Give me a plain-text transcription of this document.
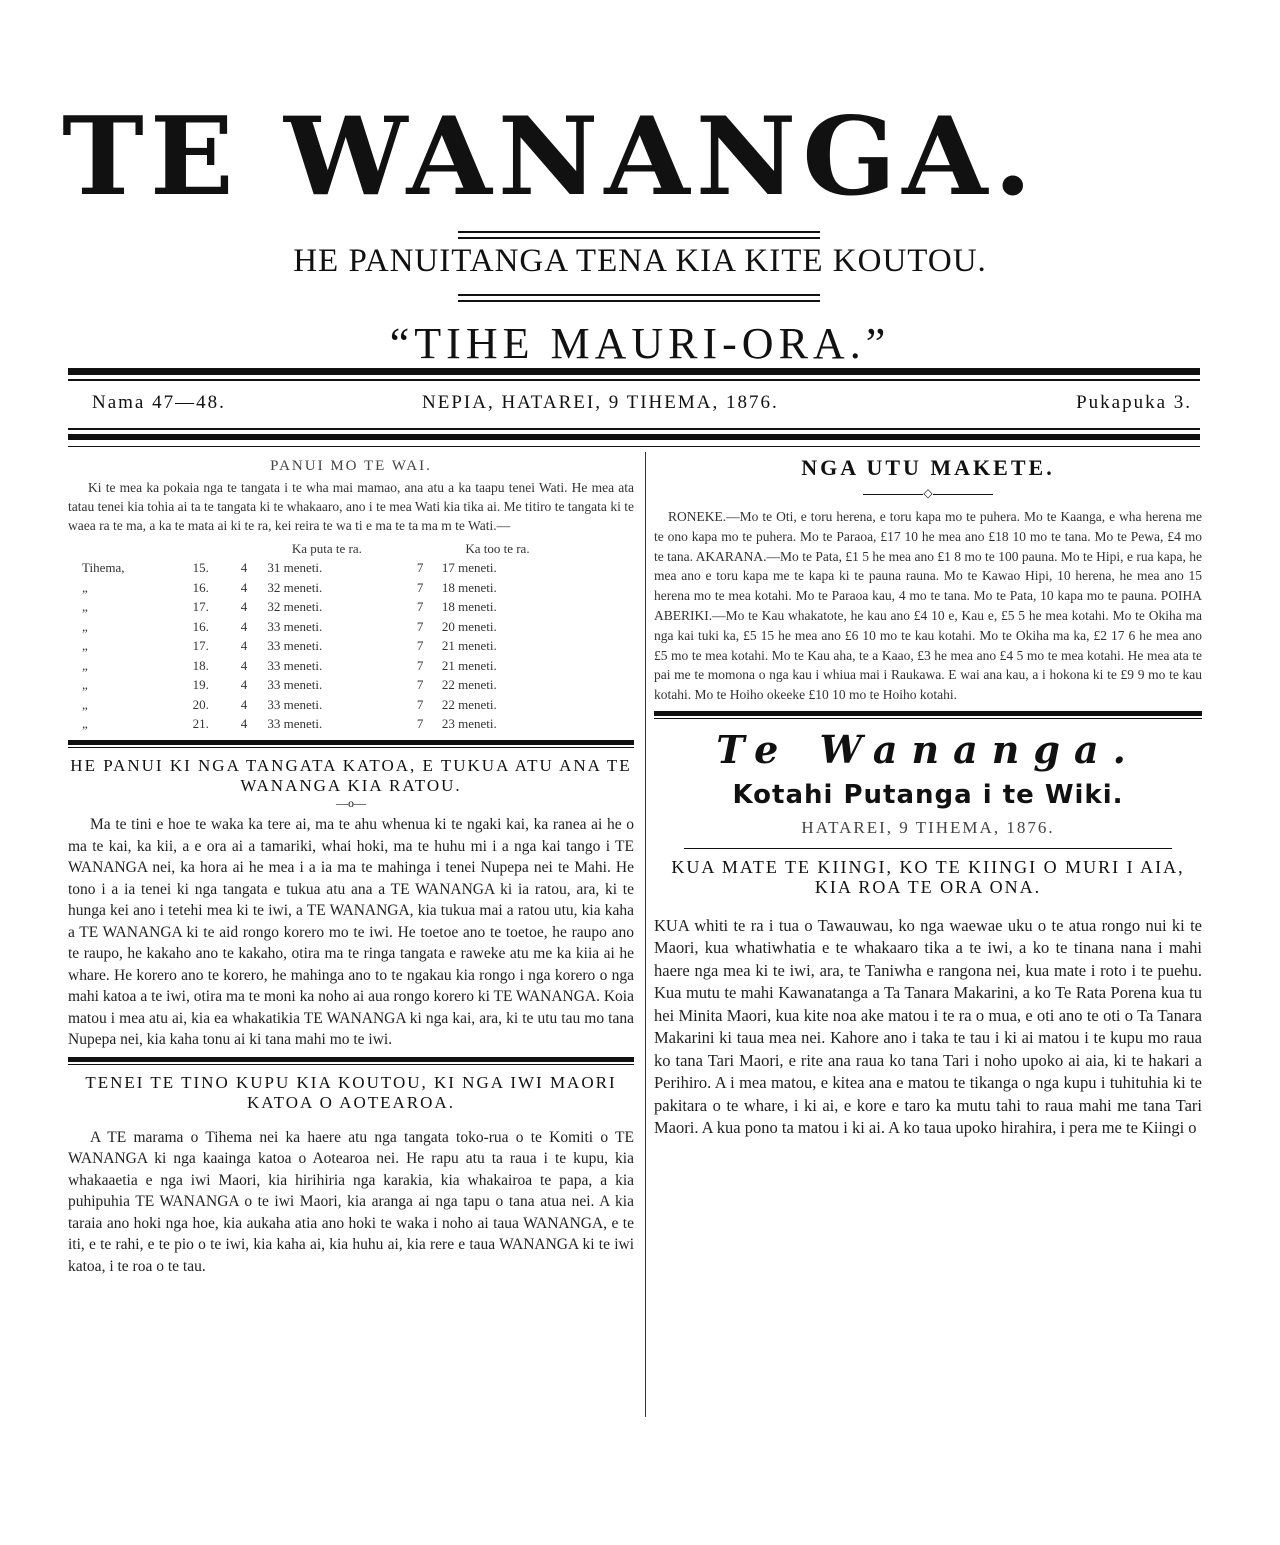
TE WANANGA.
HE PANUITANGA TENA KIA KITE KOUTOU.
“TIHE MAURI-ORA.”
Nama 47—48.	NEPIA, HATAREI, 9 TIHEMA, 1876.	Pukapuka 3.

PANUI MO TE WAI.

Ki te mea ka pokaia nga te tangata i te wha mai mamao, ana atu a ka taapu tenei Wati. He mea ata tatau tenei kia tohia ai ta te tangata ki te whakaaro, ano i te mea Wati kia tika ai. Me titiro te tangata ki te waea ra te ma, a ka te mata ai ki te ra, kei reira te wa ti e ma te ta ma m te Wati.—

		Ka puta te ra.		Ka too te ra.	
Tihema,	15.	4	31 meneti.	7	17 meneti.
„	16.	4	32 meneti.	7	18 meneti.
„	17.	4	32 meneti.	7	18 meneti.
„	16.	4	33 meneti.	7	20 meneti.
„	17.	4	33 meneti.	7	21 meneti.
„	18.	4	33 meneti.	7	21 meneti.
„	19.	4	33 meneti.	7	22 meneti.
„	20.	4	33 meneti.	7	22 meneti.
„	21.	4	33 meneti.	7	23 meneti.

HE PANUI KI NGA TANGATA KATOA, E TUKUA ATU ANA TE WANANGA KIA RATOU.

—o—

Ma te tini e hoe te waka ka tere ai, ma te ahu whenua ki te ngaki kai, ka ranea ai he o ma te kai, ka kii, a e ora ai a tamariki, whai hoki, ma te huhu mi i a nga kai tango i TE WANANGA nei, ka hora ai he mea i a ia ma te mahinga i tenei Nupepa nei te Mahi. He tono i a ia tenei ki nga tangata e tukua atu ana a TE WANANGA ki ia ratou, ara, ki te hunga kei ano i tetehi mea ki te iwi, a TE WANANGA, kia tukua mai a ratou utu, kia kaha a TE WANANGA ki te aid rongo korero mo te iwi. He toetoe ano te toetoe, he raupo ano te raupo, he kakaho ano te kakaho, otira ma te ringa tangata e raweke atu me ka kiia ai he whare. He korero ano te korero, he mahinga ano to te ngakau kia rongo i nga korero o nga mahi katoa a te iwi, otira ma te moni ka noho ai aua rongo korero ki TE WANANGA. Koia matou i mea atu ai, kia ea whakatikia TE WANANGA ki nga kai, ara, ki te utu tau mo tana Nupepa nei, kia kaha tonu ai ki tana mahi mo te iwi.

TENEI TE TINO KUPU KIA KOUTOU, KI NGA IWI MAORI KATOA O AOTEAROA.

A TE marama o Tihema nei ka haere atu nga tangata toko-rua o te Komiti o TE WANANGA ki nga kaainga katoa o Aotearoa nei. He rapu atu ta raua i te kupu, kia whakaaetia e nga iwi Maori, kia hirihiria nga karakia, kia whakairoa te papa, a kia puhipuhia TE WANANGA o te iwi Maori, kia aranga ai nga tapu o tana atua nei. A kia taraia ano hoki nga hoe, kia aukaha atia ano hoki te waka i noho ai taua WANANGA, e te iti, e te rahi, e te pio o te iwi, kia kaha ai, kia huhu ai, kia rere e taua WANANGA ki te iwi katoa, i te roa o te tau.

NGA UTU MAKETE.

◇

RONEKE.—Mo te Oti, e toru herena, e toru kapa mo te puhera. Mo te Kaanga, e wha herena me te ono kapa mo te puhera. Mo te Paraoa, £17 10 he mea ano £18 10 mo te tana. Mo te Pewa, £4 mo te tana. AKARANA.—Mo te Pata, £1 5 he mea ano £1 8 mo te 100 pauna. Mo te Hipi, e rua kapa, he mea ano e toru kapa me te kapa ki te pauna rauna. Mo te Kawao Hipi, 10 herena, he mea ano 15 herena mo te mea kotahi. Mo te Paraoa kau, 4 mo te tana. Mo te Pata, 10 kapa mo te pauna. POIHA ABERIKI.—Mo te Kau whakatote, he kau ano £4 10 e, Kau e, £5 5 he mea kotahi. Mo te Okiha ma nga kai tuki ka, £5 15 he mea ano £6 10 mo te kau kotahi. Mo te Okiha ma ka, £2 17 6 he mea ano £5 mo te mea kotahi. Mo te Kau aha, te a Kaao, £3 he mea ano £4 5 mo te mea kotahi. He mea ata te pai me te momona o nga kau i whiua mai i Raukawa. E wai ana kau, a i hokona ki te £9 9 mo te kau kotahi. Mo te Hoiho okeeke £10 10 mo te Hoiho kotahi.

Te Wananga.

Kotahi Putanga i te Wiki.

HATAREI, 9 TIHEMA, 1876.

KUA MATE TE KIINGI, KO TE KIINGI O MURI I AIA, KIA ROA TE ORA ONA.

KUA whiti te ra i tua o Tawauwau, ko nga waewae uku o te atua rongo nui ki te Maori, kua whatiwhatia e te whakaaro tika a te iwi, a ko te tinana nana i mahi haere nga mea ki te iwi, ara, te Taniwha e rangona nei, kua mate i roto i te puehu. Kua mutu te mahi Kawanatanga a Ta Tanara Makarini, a ko Te Rata Porena kua tu hei Minita Maori, kua kite noa ake matou i te ra o mua, e oti ano te oti o Ta Tanara Makarini ki taua mea nei. Kahore ano i taka te tau i ki ai matou i te kupu mo raua ko tana Tari Maori, e rite ana raua ko tana Tari i noho upoko ai aia, ki te hakari a Perihiro. A i mea matou, e kitea ana e matou te tikanga o nga kupu i tuhituhia ki te pakitara o te whare, i ki ai, e kore e taro ka mutu tahi to raua mahi me tana Tari Maori. A kua pono ta matou i ki ai. A ko taua upoko hirahira, i pera me te Kiingi o
